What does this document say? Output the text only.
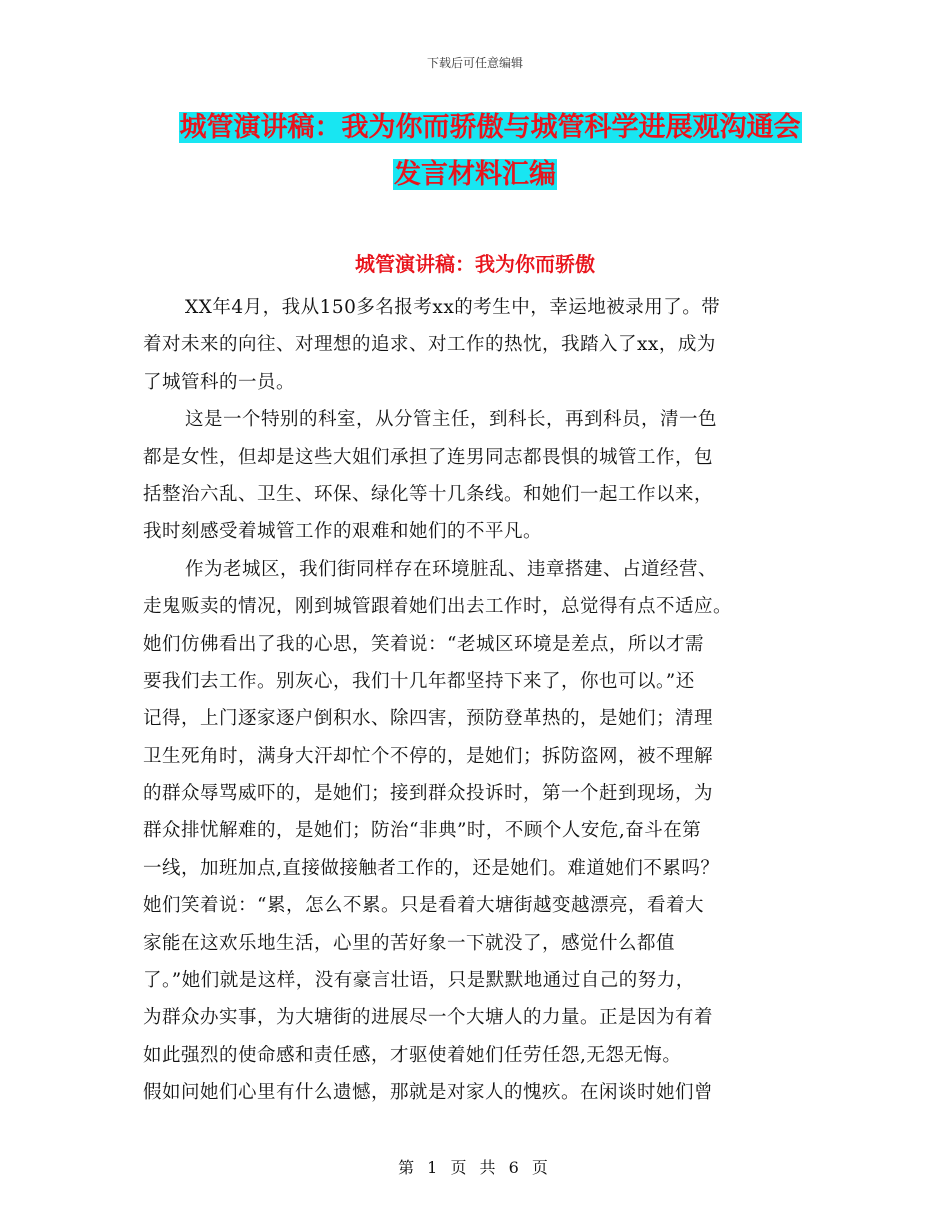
下载后可任意编辑
城管演讲稿：我为你而骄傲与城管科学进展观沟通会
发言材料汇编
城管演讲稿：我为你而骄傲
XX年4月，我从150多名报考xx的考生中，幸运地被录用了。带
着对未来的向往、对理想的追求、对工作的热忱，我踏入了xx，成为
了城管科的一员。
这是一个特别的科室，从分管主任，到科长，再到科员，清一色
都是女性，但却是这些大姐们承担了连男同志都畏惧的城管工作，包
括整治六乱、卫生、环保、绿化等十几条线。和她们一起工作以来，
我时刻感受着城管工作的艰难和她们的不平凡。
作为老城区，我们街同样存在环境脏乱、违章搭建、占道经营、
走鬼贩卖的情况，刚到城管跟着她们出去工作时，总觉得有点不适应。
她们仿佛看出了我的心思，笑着说：“老城区环境是差点，所以才需
要我们去工作。别灰心，我们十几年都坚持下来了，你也可以。”还
记得，上门逐家逐户倒积水、除四害，预防登革热的，是她们；清理
卫生死角时，满身大汗却忙个不停的，是她们；拆防盗网，被不理解
的群众辱骂威吓的，是她们；接到群众投诉时，第一个赶到现场，为
群众排忧解难的，是她们；防治“非典”时，不顾个人安危,奋斗在第
一线，加班加点,直接做接触者工作的，还是她们。难道她们不累吗？
她们笑着说：“累，怎么不累。只是看着大塘街越变越漂亮，看着大
家能在这欢乐地生活，心里的苦好象一下就没了，感觉什么都值
了。”她们就是这样，没有豪言壮语，只是默默地通过自己的努力，
为群众办实事，为大塘街的进展尽一个大塘人的力量。正是因为有着
如此强烈的使命感和责任感，才驱使着她们任劳任怨,无怨无悔。
假如问她们心里有什么遗憾，那就是对家人的愧疚。在闲谈时她们曾
第 1 页 共 6 页
